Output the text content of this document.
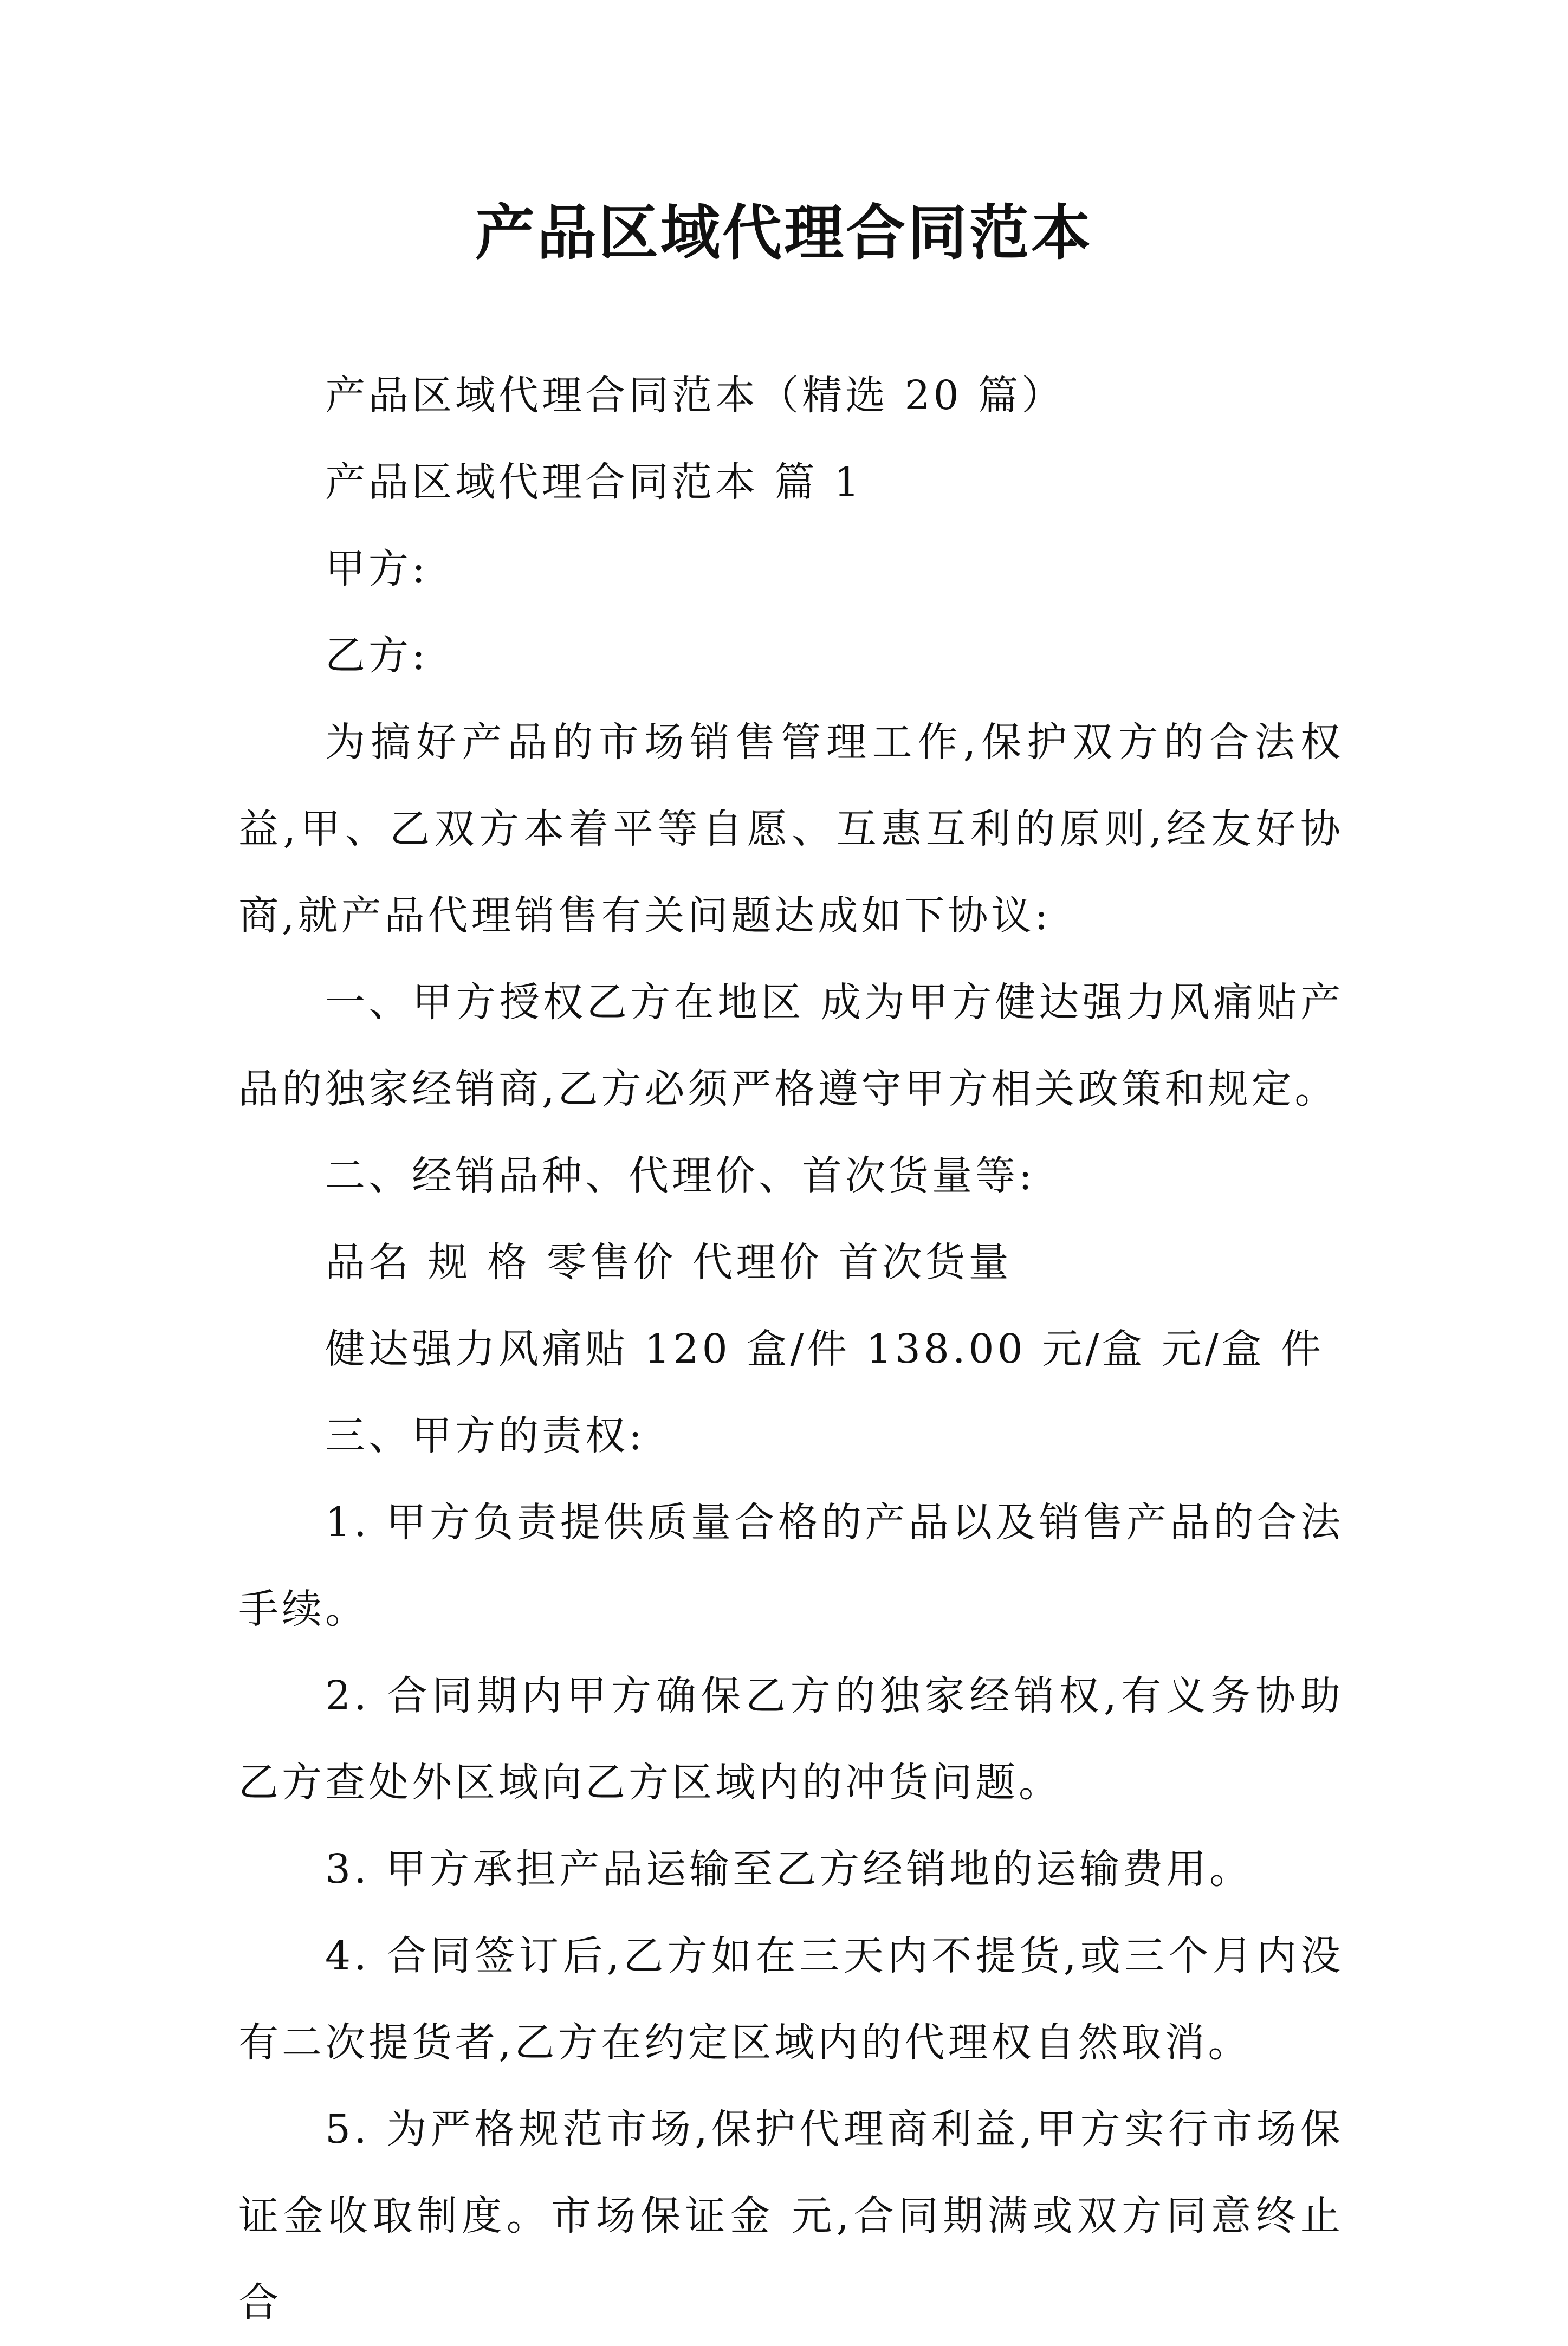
产品区域代理合同范本

产品区域代理合同范本（精选 20 篇）

产品区域代理合同范本 篇 1

甲方:

乙方:

为搞好产品的市场销售管理工作,保护双方的合法权益,甲、乙双方本着平等自愿、互惠互利的原则,经友好协商,就产品代理销售有关问题达成如下协议:

一、甲方授权乙方在地区 成为甲方健达强力风痛贴产品的独家经销商,乙方必须严格遵守甲方相关政策和规定。

二、经销品种、代理价、首次货量等:

品名 规 格 零售价 代理价 首次货量

健达强力风痛贴 120 盒/件 138.00 元/盒 元/盒 件

三、甲方的责权:

1. 甲方负责提供质量合格的产品以及销售产品的合法手续。

2. 合同期内甲方确保乙方的独家经销权,有义务协助乙方查处外区域向乙方区域内的冲货问题。

3. 甲方承担产品运输至乙方经销地的运输费用。

4. 合同签订后,乙方如在三天内不提货,或三个月内没有二次提货者,乙方在约定区域内的代理权自然取消。

5. 为严格规范市场,保护代理商利益,甲方实行市场保证金收取制度。市场保证金 元,合同期满或双方同意终止合
